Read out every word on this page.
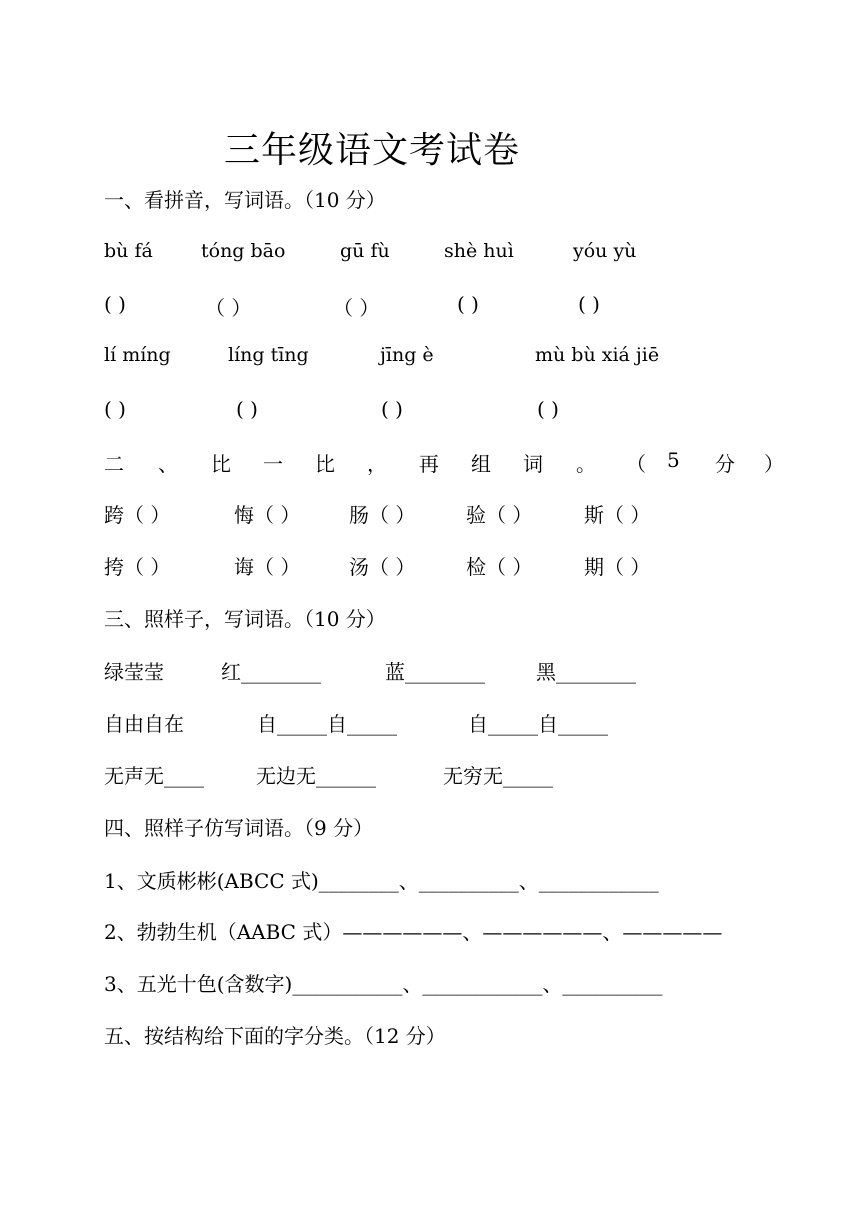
三年级语文考试卷
一、看拼音，写词语。（10 分）
bù fá	tóng bāo	gū fù	shè huì	yóu yù
( )	（ ）	（ ）	( )	( )
lí míng	líng tīng	jīng è	mù bù xiá jiē
( )	( )	( )	( )
二 、 比 一 比 ， 再 组 词 。 （ 5 分 ）
跨（ ）	悔（ ） 肠（ ）	验（ ）	斯（ ）
挎（ ）	诲（ ） 汤（ ）	检（ ）	期（ ）
三、照样子，写词语。（10 分）
绿莹莹	红________	蓝________	黑________
自由自在	自_____自_____	自_____自_____
无声无____	无边无______	无穷无_____
四、照样子仿写词语。（9 分）
1、文质彬彬(ABCC 式)________、__________、____________
2、勃勃生机（AABC 式）——————、——————、—————
3、五光十色(含数字)___________、____________、__________
五、按结构给下面的字分类。（12 分）
